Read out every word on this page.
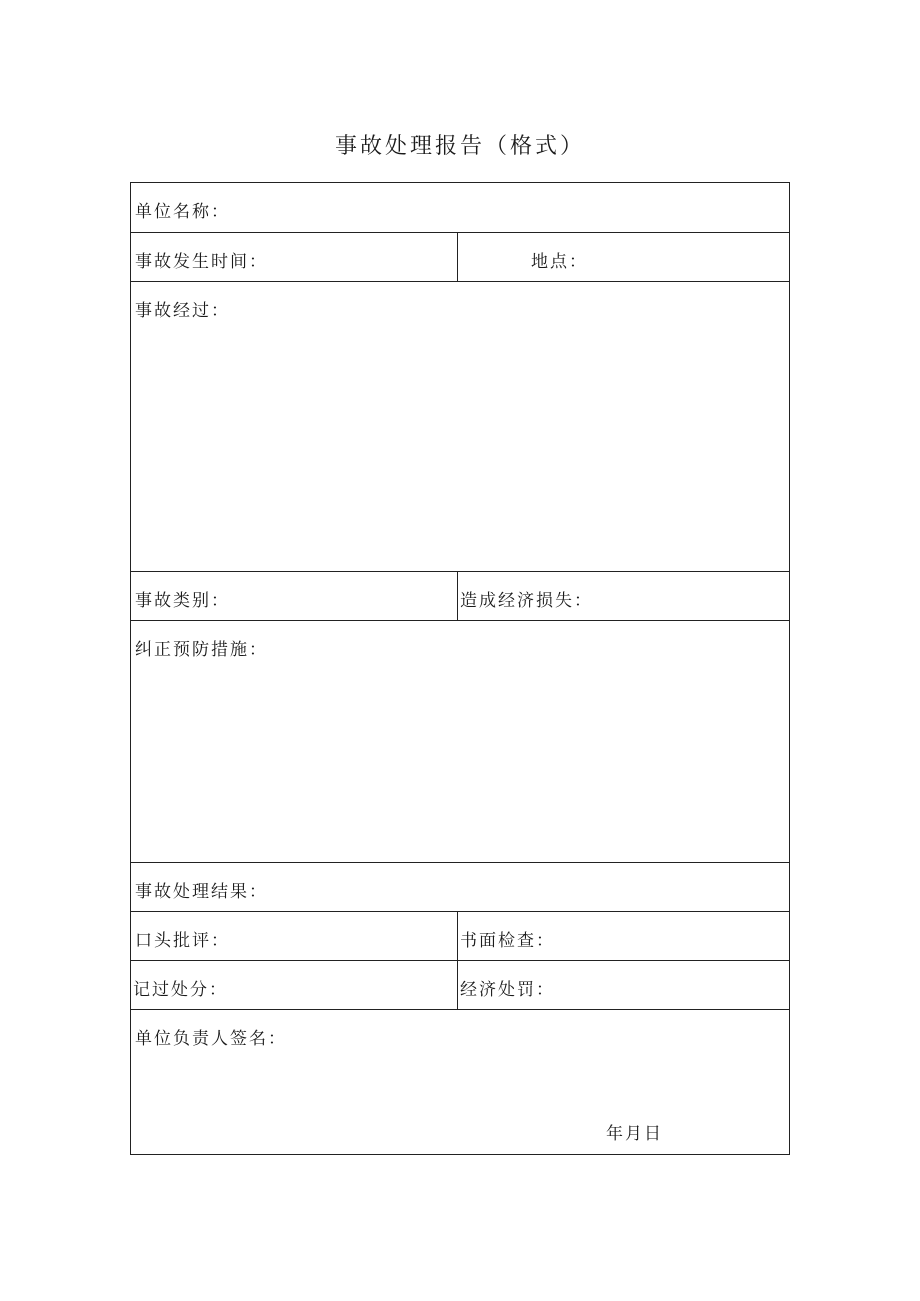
事故处理报告（格式）
单位名称：
事故发生时间：	地点：
事故经过：
事故类别：	造成经济损失：
纠正预防措施：
事故处理结果：
口头批评：	书面检查：
记过处分：	经济处罚：
单位负责人签名：
年月日
